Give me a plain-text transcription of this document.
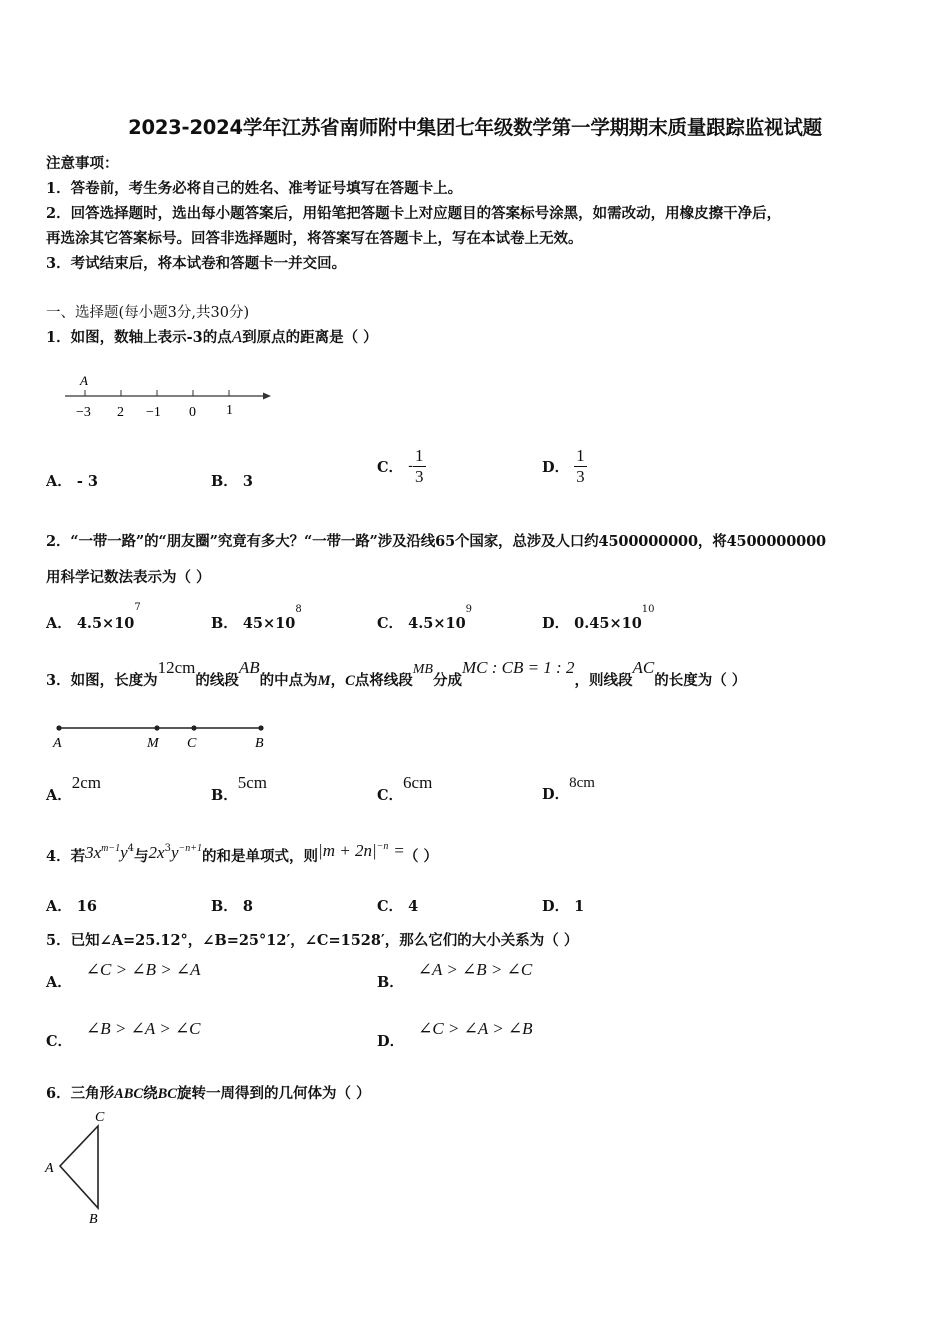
2023-2024学年江苏省南师附中集团七年级数学第一学期期末质量跟踪监视试题
注意事项：
1．答卷前，考生务必将自己的姓名、准考证号填写在答题卡上。
2．回答选择题时，选出每小题答案后，用铅笔把答题卡上对应题目的答案标号涂黑，如需改动，用橡皮擦干净后，
再选涂其它答案标号。回答非选择题时，将答案写在答题卡上，写在本试卷上无效。
3．考试结束后，将本试卷和答题卡一并交回。
一、选择题(每小题3分,共30分)
1．如图，数轴上表示-3的点A到原点的距离是（ ）
A
−3 2 −1 0 1
A． - 3	B． 3
C． - $\frac{1}{3}$	D． $\frac{1}{3}$
2．“一带一路”的“朋友圈”究竟有多大？“一带一路”涉及沿线65个国家，总涉及人口约4500000000，将4500000000
用科学记数法表示为（ ）
A． $4.5\times 10^7$
B． $45\times 10^8$
C． $4.5\times 10^9$
D． $0.45\times 10^{10}$
3．如图，长度为12cm的线段AB的中点为M，C点将线段MB分成MC : CB = 1 : 2，则线段AC的长度为（ ）
A	M C	B
A．2cm
B．5cm
C．6cm
D．8cm
4．若$3x^{m-1}y^4$与$2x^3y^{-n+1}$的和是单项式，则$|m + 2n|^{-n}$ =（ ）
A． 16	B． 8	C． 4	D． 1
5．已知∠A=25.12°，∠B=25°12′，∠C=1528′，那么它们的大小关系为（ ）
A．∠C > ∠B > ∠A
B．∠A > ∠B > ∠C
C．∠B > ∠A > ∠C
D．∠C > ∠A > ∠B
6．三角形ABC绕BC旋转一周得到的几何体为（ ）
C
A
B
